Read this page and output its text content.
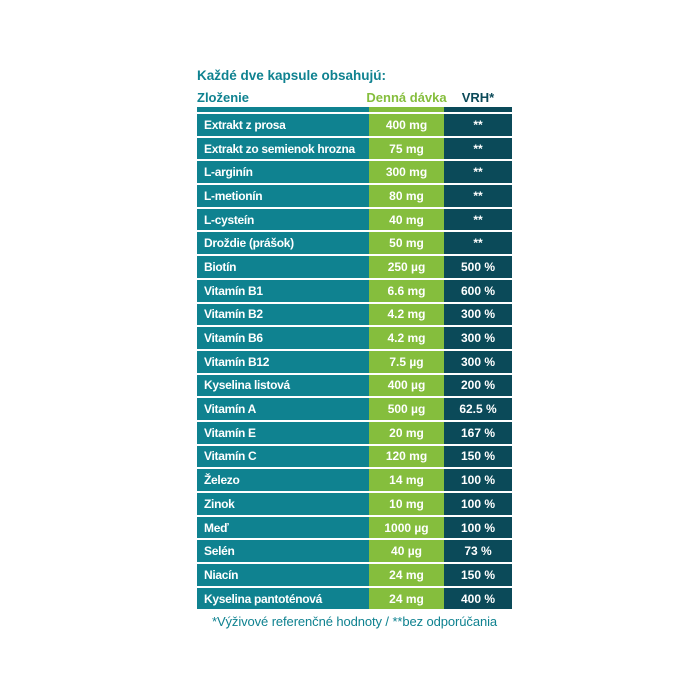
Každé dve kapsule obsahujú:
Zloženie	Denná dávka	VRH*
Extrakt z prosa	400 mg	**
Extrakt zo semienok hrozna	75 mg	**
L-arginín	300 mg	**
L-metionín	80 mg	**
L-cysteín	40 mg	**
Droždie (prášok)	50 mg	**
Biotín	250 µg	500 %
Vitamín B1	6.6 mg	600 %
Vitamín B2	4.2 mg	300 %
Vitamín B6	4.2 mg	300 %
Vitamín B12	7.5 µg	300 %
Kyselina listová	400 µg	200 %
Vitamín A	500 µg	62.5 %
Vitamín E	20 mg	167 %
Vitamín C	120 mg	150 %
Železo	14 mg	100 %
Zinok	10 mg	100 %
Meď	1000 µg	100 %
Selén	40 µg	73 %
Niacín	24 mg	150 %
Kyselina pantoténová	24 mg	400 %
*Výživové referenčné hodnoty / **bez odporúčania
